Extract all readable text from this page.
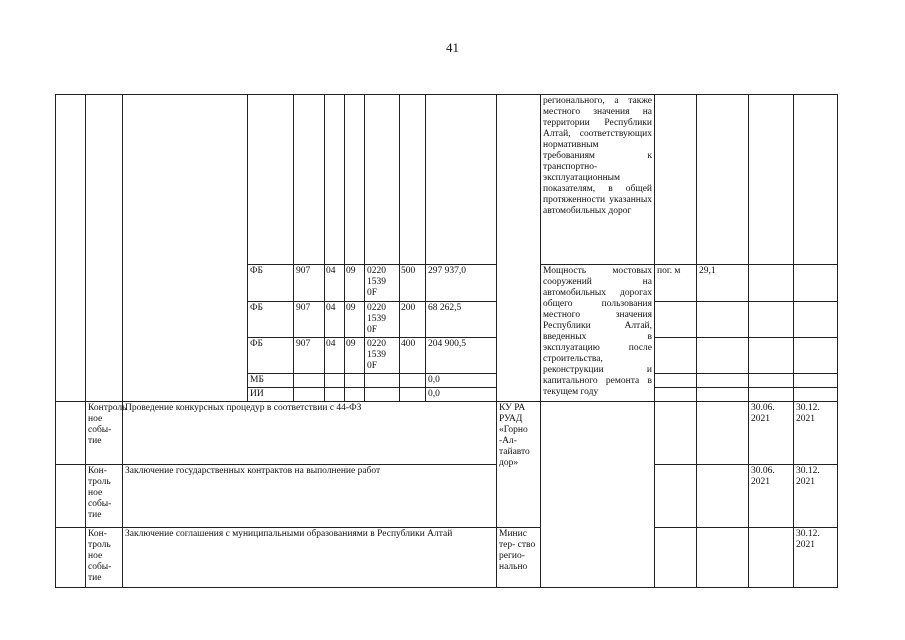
41
											регионального, а также местного значения на территории Республики Алтай, соответствующих нормативным требованиям к транспортно-эксплуатационным показателям, в общей протяженности указанных автомобильных дорог				
			ФБ	907	04	09	0220 1539 0F	500	297 937,0		Мощность мостовых сооружений на автомобильных дорогах общего пользования местного значения Республики Алтай, введенных в эксплуатацию после строительства, реконструкции и капитального ремонта в текущем году	пог. м	29,1		
			ФБ	907	04	09	0220 1539 0F	200	68 262,5						
			ФБ	907	04	09	0220 1539 0F	400	204 900,5						
			МБ						0,0						
			ИИ						0,0						
	Контроль ное собы- тие	Проведение конкурсных процедур в соответствии с 44-ФЗ								КУ РА РУАД «Горно -Ал- тайавто дор»				30.06. 2021	30.12. 2021
	Кон- троль ное собы- тие	Заключение государственных контрактов на выполнение работ												30.06. 2021	30.12. 2021
	Кон- троль ное собы- тие	Заключение соглашения с муниципальными образованиями в Республики Алтай								Минис тер- ство регио- нально					30.12. 2021
